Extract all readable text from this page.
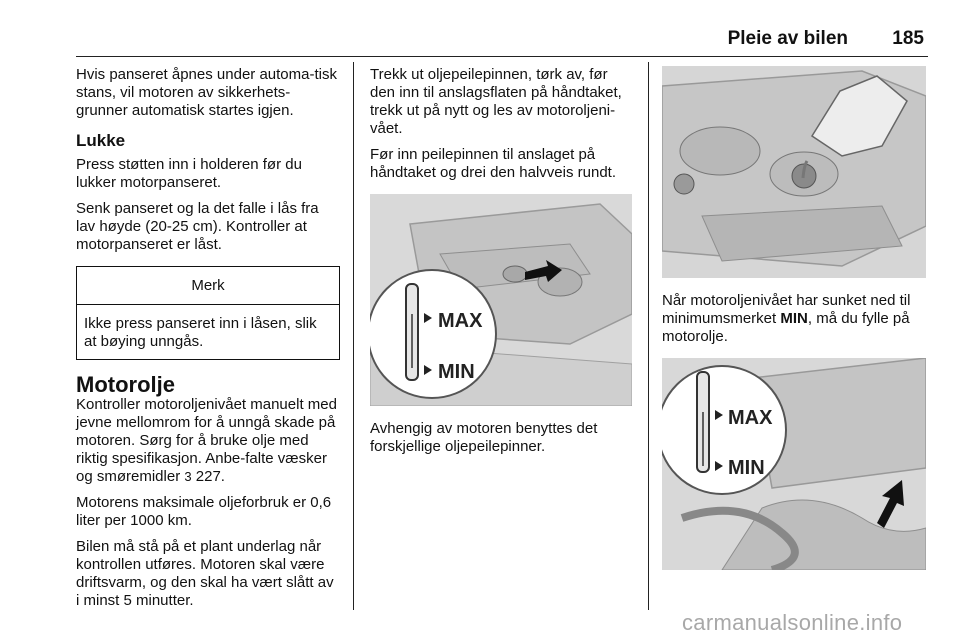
Pleie av bilen 185

Hvis panseret åpnes under automa-tisk stans, vil motoren av sikkerhets-grunner automatisk startes igjen.

Lukke

Press støtten inn i holderen før du lukker motorpanseret.

Senk panseret og la det falle i lås fra lav høyde (20-25 cm). Kontroller at motorpanseret er låst.

Merk
Ikke press panseret inn i låsen, slik at bøying unngås.
Motorolje

Kontroller motoroljenivået manuelt med jevne mellomrom for å unngå skade på motoren. Sørg for å bruke olje med riktig spesifikasjon. Anbe-falte væsker og smøremidler 3 227.

Motorens maksimale oljeforbruk er 0,6 liter per 1000 km.

Bilen må stå på et plant underlag når kontrollen utføres. Motoren skal være driftsvarm, og den skal ha vært slått av i minst 5 minutter.

Trekk ut oljepeilepinnen, tørk av, før den inn til anslagsflaten på håndtaket, trekk ut på nytt og les av motoroljeni-vået.

Før inn peilepinnen til anslaget på håndtaket og drei den halvveis rundt.

MAX
MIN

Avhengig av motoren benyttes det forskjellige oljepeilepinner.

Når motoroljenivået har sunket ned til minimumsmerket MIN, må du fylle på motorolje.

MAX
MIN
carmanualsonline.info
